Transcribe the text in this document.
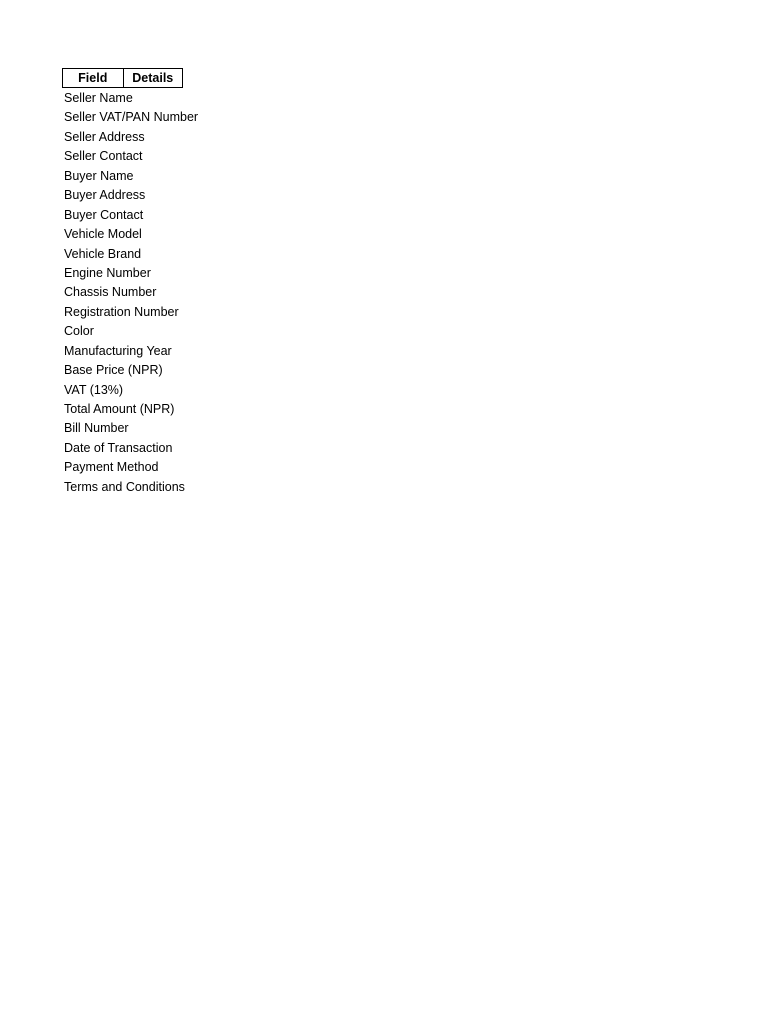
Field	Details
Seller Name
Seller VAT/PAN Number
Seller Address
Seller Contact
Buyer Name
Buyer Address
Buyer Contact
Vehicle Model
Vehicle Brand
Engine Number
Chassis Number
Registration Number
Color
Manufacturing Year
Base Price (NPR)
VAT (13%)
Total Amount (NPR)
Bill Number
Date of Transaction
Payment Method
Terms and Conditions
